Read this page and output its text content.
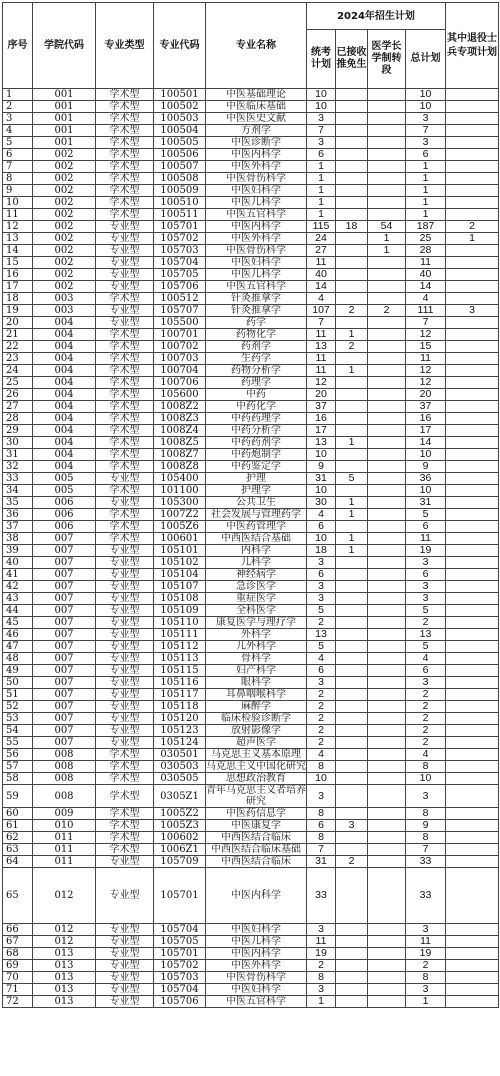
序号	学院代码	专业类型	专业代码	专业名称	2024年招生计划				其中退役士兵专项计划
					统考计划	已接收推免生	医学长学制转段	总计划	
1	001	学术型	100501	中医基础理论	10			10	
2	001	学术型	100502	中医临床基础	10			10	
3	001	学术型	100503	中医医史文献	3			3	
4	001	学术型	100504	方剂学	7			7	
5	001	学术型	100505	中医诊断学	3			3	
6	002	学术型	100506	中医内科学	6			6	
7	002	学术型	100507	中医外科学	1			1	
8	002	学术型	100508	中医骨伤科学	1			1	
9	002	学术型	100509	中医妇科学	1			1	
10	002	学术型	100510	中医儿科学	1			1	
11	002	学术型	100511	中医五官科学	1			1	
12	002	专业型	105701	中医内科学	115	18	54	187	2
13	002	专业型	105702	中医外科学	24		1	25	1
14	002	专业型	105703	中医骨伤科学	27		1	28	
15	002	专业型	105704	中医妇科学	11			11	
16	002	专业型	105705	中医儿科学	40			40	
17	002	专业型	105706	中医五官科学	14			14	
18	003	学术型	100512	针灸推拿学	4			4	
19	003	专业型	105707	针灸推拿学	107	2	2	111	3
20	004	专业型	105500	药学	7			7	
21	004	学术型	100701	药物化学	11	1		12	
22	004	学术型	100702	药剂学	13	2		15	
23	004	学术型	100703	生药学	11			11	
24	004	学术型	100704	药物分析学	11	1		12	
25	004	学术型	100706	药理学	12			12	
26	004	学术型	105600	中药	20			20	
27	004	学术型	1008Z2	中药化学	37			37	
28	004	学术型	1008Z3	中药药理学	16			16	
29	004	学术型	1008Z4	中药分析学	17			17	
30	004	学术型	1008Z5	中药药剂学	13	1		14	
31	004	学术型	1008Z7	中药炮制学	10			10	
32	004	学术型	1008Z8	中药鉴定学	9			9	
33	005	专业型	105400	护理	31	5		36	
34	005	学术型	101100	护理学	10			10	
35	006	专业型	105300	公共卫生	30	1		31	
36	006	学术型	1007Z2	社会发展与管理药学	4	1		5	
37	006	学术型	1005Z6	中医药管理学	6			6	
38	007	学术型	100601	中西医结合基础	10	1		11	
39	007	专业型	105101	内科学	18	1		19	
40	007	专业型	105102	儿科学	3			3	
41	007	专业型	105104	神经病学	6			6	
42	007	专业型	105107	急诊医学	3			3	
43	007	专业型	105108	重症医学	3			3	
44	007	专业型	105109	全科医学	5			5	
45	007	专业型	105110	康复医学与理疗学	2			2	
46	007	专业型	105111	外科学	13			13	
47	007	专业型	105112	儿外科学	5			5	
48	007	专业型	105113	骨科学	4			4	
49	007	专业型	105115	妇产科学	6			6	
50	007	专业型	105116	眼科学	3			3	
51	007	专业型	105117	耳鼻咽喉科学	2			2	
52	007	专业型	105118	麻醉学	2			2	
53	007	专业型	105120	临床检验诊断学	2			2	
54	007	专业型	105123	放射影像学	2			2	
55	007	专业型	105124	超声医学	2			2	
56	008	学术型	030501	马克思主义基本原理	4			4	
57	008	学术型	030503	马克思主义中国化研究	8			8	
58	008	学术型	030505	思想政治教育	10			10	
59	008	学术型	0305Z1	青年马克思主义者培养研究	3			3	
60	009	学术型	1005Z2	中医药信息学	8			8	
61	010	学术型	1005Z3	中医康复学	6	3		9	
62	011	学术型	100602	中西医结合临床	8			8	
63	011	学术型	1006Z1	中西医结合临床基础	7			7	
64	011	专业型	105709	中西医结合临床	31	2		33	
65	012	专业型	105701	中医内科学	33			33	
66	012	专业型	105704	中医妇科学	3			3	
67	012	专业型	105705	中医儿科学	11			11	
68	013	专业型	105701	中医内科学	19			19	
69	013	专业型	105702	中医外科学	2			2	
70	013	专业型	105703	中医骨伤科学	8			8	
71	013	专业型	105704	中医妇科学	3			3	
72	013	专业型	105706	中医五官科学	1			1	
